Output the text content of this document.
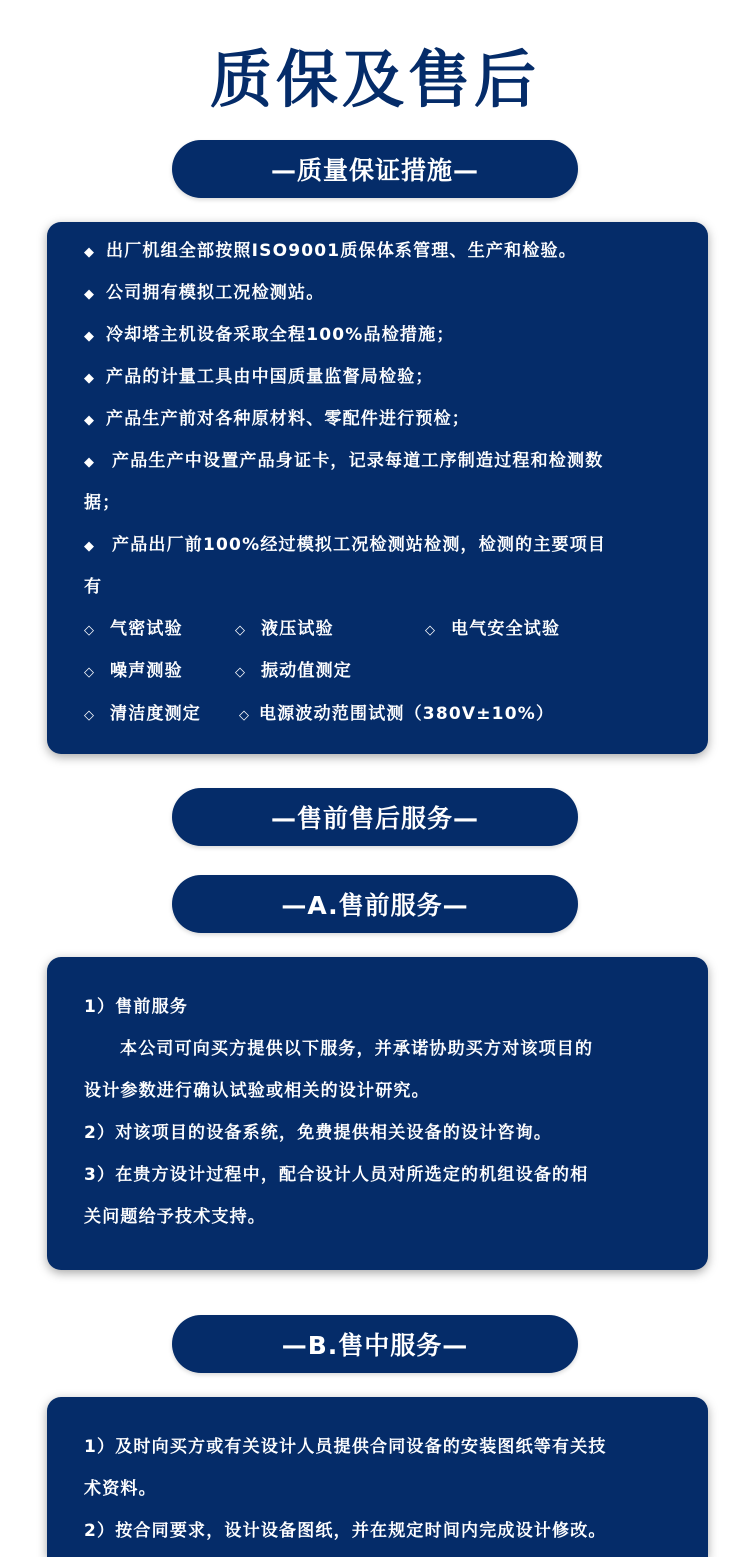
质保及售后
—质量保证措施—
◆ 出厂机组全部按照ISO9001质保体系管理、生产和检验。
◆ 公司拥有模拟工况检测站。
◆ 冷却塔主机设备采取全程100%品检措施；
◆ 产品的计量工具由中国质量监督局检验；
◆ 产品生产前对各种原材料、零配件进行预检；
◆ 产品生产中设置产品身证卡，记录每道工序制造过程和检测数
据；
◆ 产品出厂前100%经过模拟工况检测站检测，检测的主要项目
有
◇ 气密试验	◇ 液压试验	◇ 电气安全试验
◇ 噪声测验	◇ 振动值测定
◇ 清洁度测定	◇ 电源波动范围试测（380V±10%）
—售前售后服务—
—A.售前服务—
1）售前服务
本公司可向买方提供以下服务，并承诺协助买方对该项目的
设计参数进行确认试验或相关的设计研究。
2）对该项目的设备系统，免费提供相关设备的设计咨询。
3）在贵方设计过程中，配合设计人员对所选定的机组设备的相
关问题给予技术支持。
—B.售中服务—
1）及时向买方或有关设计人员提供合同设备的安装图纸等有关技
术资料。
2）按合同要求，设计设备图纸，并在规定时间内完成设计修改。
